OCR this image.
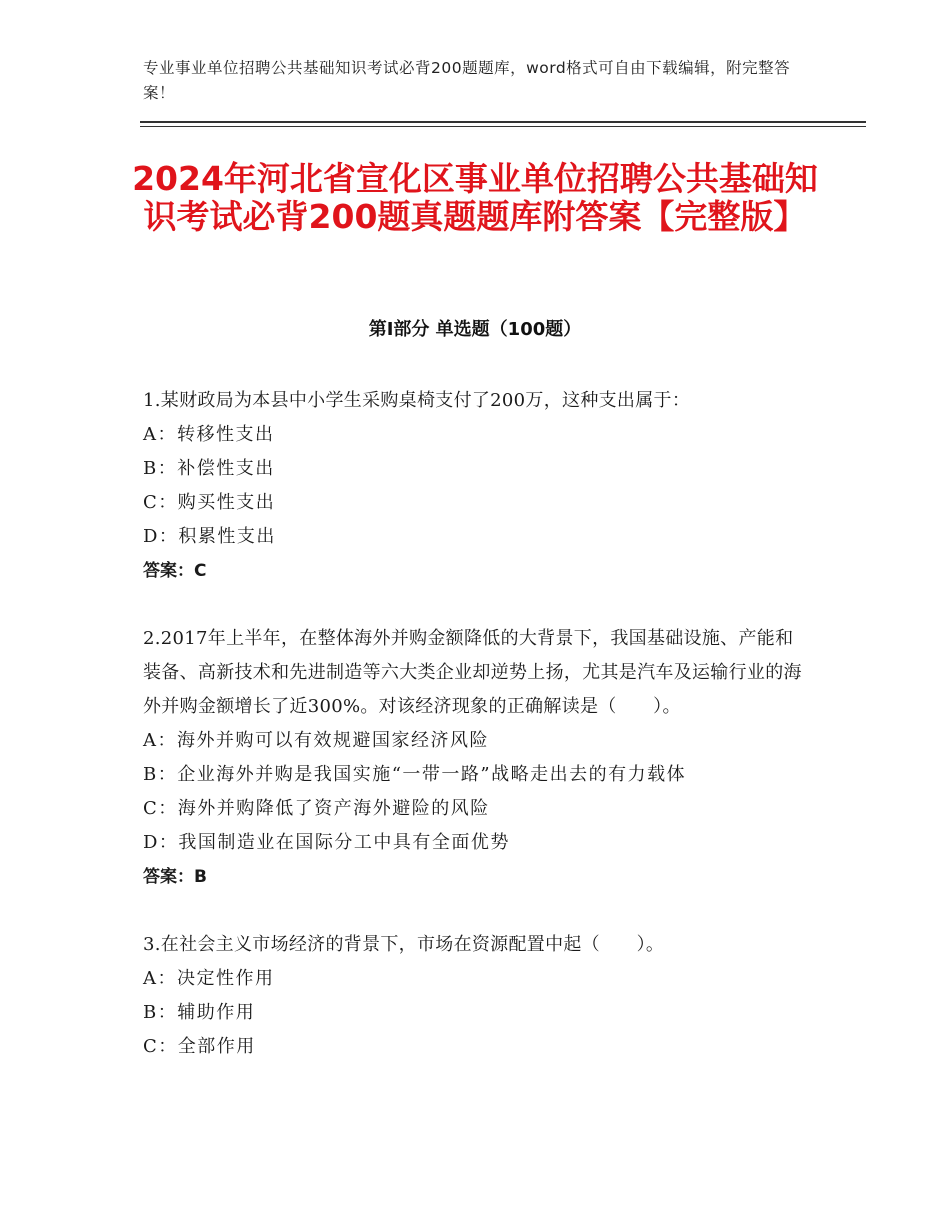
专业事业单位招聘公共基础知识考试必背200题题库，word格式可自由下载编辑，附完整答案！
2024年河北省宣化区事业单位招聘公共基础知识考试必背200题真题题库附答案【完整版】
第Ⅰ部分 单选题（100题）

1.某财政局为本县中小学生采购桌椅支付了200万，这种支出属于：

A：转移性支出

B：补偿性支出

C：购买性支出

D：积累性支出

答案：C

2.2017年上半年，在整体海外并购金额降低的大背景下，我国基础设施、产能和装备、高新技术和先进制造等六大类企业却逆势上扬，尤其是汽车及运输行业的海外并购金额增长了近300%。对该经济现象的正确解读是（　　）。

A：海外并购可以有效规避国家经济风险

B：企业海外并购是我国实施“一带一路”战略走出去的有力载体

C：海外并购降低了资产海外避险的风险

D：我国制造业在国际分工中具有全面优势

答案：B

3.在社会主义市场经济的背景下，市场在资源配置中起（　　）。

A：决定性作用

B：辅助作用

C：全部作用
